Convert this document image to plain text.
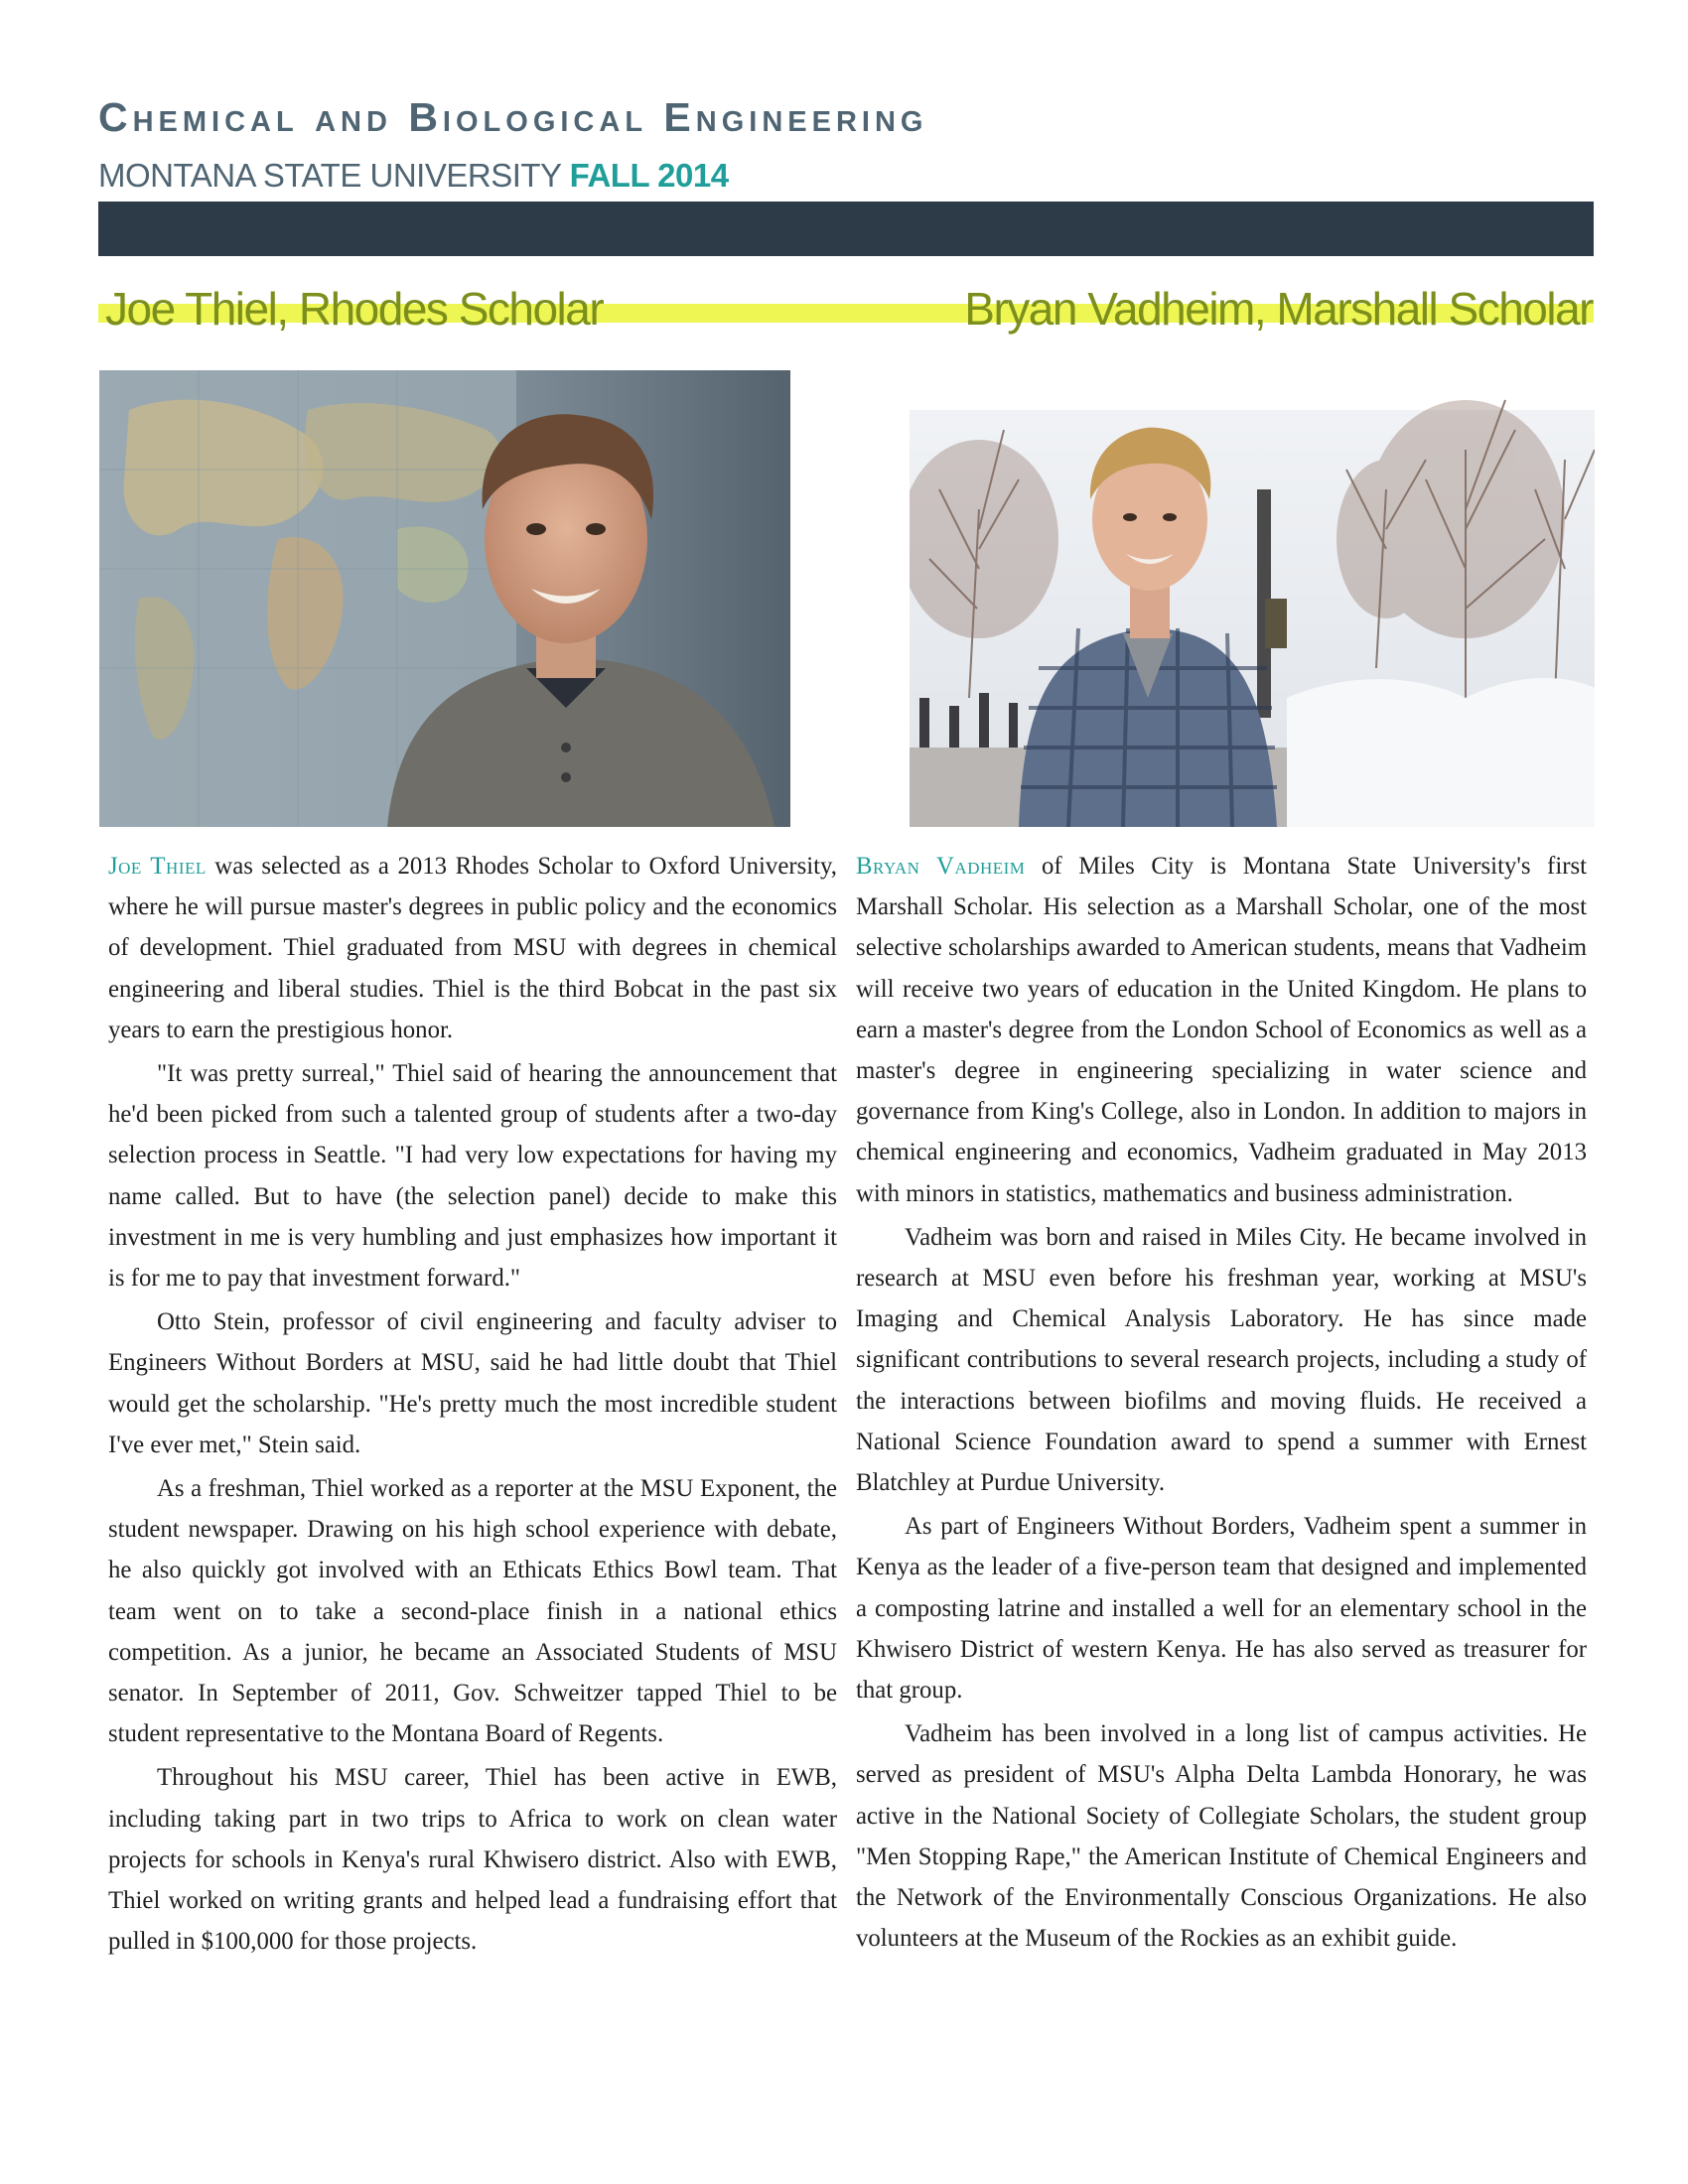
Chemical and Biological Engineering
MONTANA STATE UNIVERSITY FALL 2014
Joe Thiel, Rhodes Scholar	Bryan Vadheim, Marshall Scholar

Joe Thiel was selected as a 2013 Rhodes Scholar to Oxford University, where he will pursue master's degrees in public policy and the economics of development. Thiel graduated from MSU with degrees in chemical engineering and liberal studies. Thiel is the third Bobcat in the past six years to earn the prestigious honor.

"It was pretty surreal," Thiel said of hearing the announcement that he'd been picked from such a talented group of students after a two-day selection process in Seattle. "I had very low expectations for having my name called. But to have (the selection panel) decide to make this investment in me is very humbling and just emphasizes how important it is for me to pay that investment forward."

Otto Stein, professor of civil engineering and faculty adviser to Engineers Without Borders at MSU, said he had little doubt that Thiel would get the scholarship. "He's pretty much the most incredible student I've ever met," Stein said.

As a freshman, Thiel worked as a reporter at the MSU Exponent, the student newspaper. Drawing on his high school experience with debate, he also quickly got involved with an Ethicats Ethics Bowl team. That team went on to take a second-place finish in a national ethics competition. As a junior, he became an Associated Students of MSU senator. In September of 2011, Gov. Schweitzer tapped Thiel to be student representative to the Montana Board of Regents.

Throughout his MSU career, Thiel has been active in EWB, including taking part in two trips to Africa to work on clean water projects for schools in Kenya's rural Khwisero district. Also with EWB, Thiel worked on writing grants and helped lead a fundraising effort that pulled in $100,000 for those projects.

Bryan Vadheim of Miles City is Montana State University's first Marshall Scholar. His selection as a Marshall Scholar, one of the most selective scholarships awarded to American students, means that Vadheim will receive two years of education in the United Kingdom. He plans to earn a master's degree from the London School of Economics as well as a master's degree in engineering specializing in water science and governance from King's College, also in London. In addition to majors in chemical engineering and economics, Vadheim graduated in May 2013 with minors in statistics, mathematics and business administration.

Vadheim was born and raised in Miles City. He became involved in research at MSU even before his freshman year, working at MSU's Imaging and Chemical Analysis Laboratory. He has since made significant contributions to several research projects, including a study of the interactions between biofilms and moving fluids. He received a National Science Foundation award to spend a summer with Ernest Blatchley at Purdue University.

As part of Engineers Without Borders, Vadheim spent a summer in Kenya as the leader of a five-person team that designed and implemented a composting latrine and installed a well for an elementary school in the Khwisero District of western Kenya. He has also served as treasurer for that group.

Vadheim has been involved in a long list of campus activities. He served as president of MSU's Alpha Delta Lambda Honorary, he was active in the National Society of Collegiate Scholars, the student group "Men Stopping Rape," the American Institute of Chemical Engineers and the Network of the Environmentally Conscious Organizations. He also volunteers at the Museum of the Rockies as an exhibit guide.
